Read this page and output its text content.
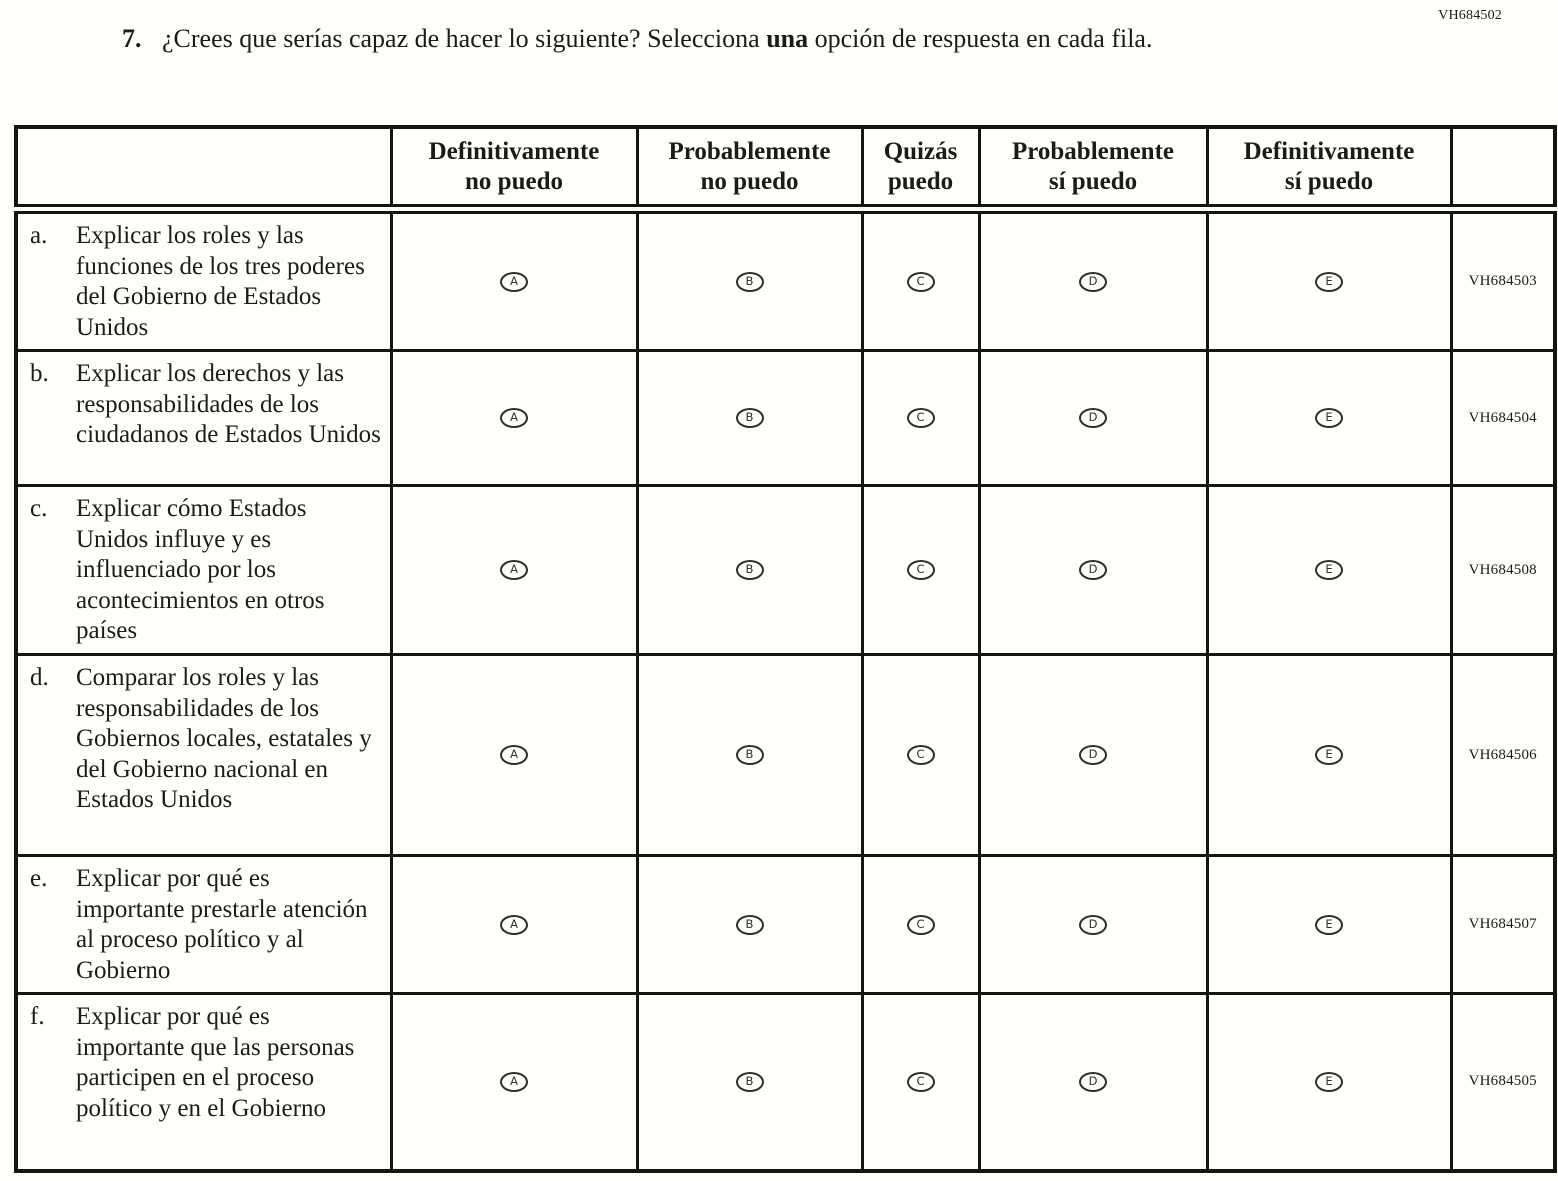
VH684502
7. ¿Crees que serías capaz de hacer lo siguiente? Selecciona una opción de respuesta en cada fila.

	Definitivamente
no puedo	Probablemente
no puedo	Quizás
puedo	Probablemente
sí puedo	Definitivamente
sí puedo	

a. Explicar los roles y las funciones de los tres poderes del Gobierno de Estados Unidos	A	B	C	D	E	VH684503

b. Explicar los derechos y las responsabilidades de los ciudadanos de Estados Unidos	A	B	C	D	E	VH684504

c. Explicar cómo Estados Unidos influye y es influenciado por los acontecimientos en otros países	A	B	C	D	E	VH684508

d. Comparar los roles y las responsabilidades de los Gobiernos locales, estatales y del Gobierno nacional en Estados Unidos	A	B	C	D	E	VH684506

e. Explicar por qué es importante prestarle atención al proceso político y al Gobierno	A	B	C	D	E	VH684507

f. Explicar por qué es importante que las personas participen en el proceso político y en el Gobierno	A	B	C	D	E	VH684505
